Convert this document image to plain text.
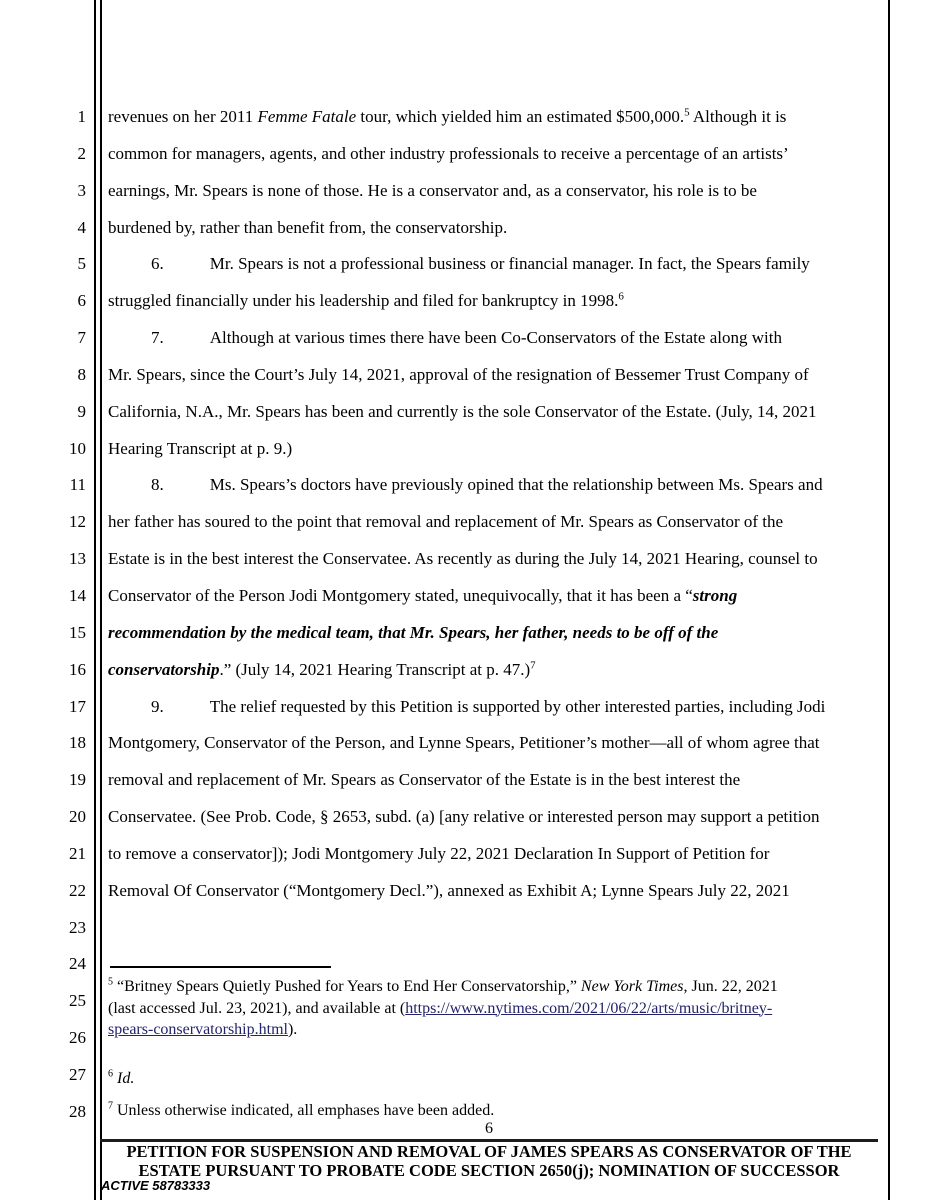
1
2
3
4
5
6
7
8
9
10
11
12
13
14
15
16
17
18
19
20
21
22
23
24
25
26
27
28
revenues on her 2011 Femme Fatale tour, which yielded him an estimated $500,000.$^5$ Although it is
common for managers, agents, and other industry professionals to receive a percentage of an artists’
earnings, Mr. Spears is none of those. He is a conservator and, as a conservator, his role is to be
burdened by, rather than benefit from, the conservatorship.
6.	Mr. Spears is not a professional business or financial manager. In fact, the Spears family
struggled financially under his leadership and filed for bankruptcy in 1998.$^6$
7.	Although at various times there have been Co-Conservators of the Estate along with
Mr. Spears, since the Court’s July 14, 2021, approval of the resignation of Bessemer Trust Company of
California, N.A., Mr. Spears has been and currently is the sole Conservator of the Estate. (July, 14, 2021
Hearing Transcript at p. 9.)
8.	Ms. Spears’s doctors have previously opined that the relationship between Ms. Spears and
her father has soured to the point that removal and replacement of Mr. Spears as Conservator of the
Estate is in the best interest the Conservatee. As recently as during the July 14, 2021 Hearing, counsel to
Conservator of the Person Jodi Montgomery stated, unequivocally, that it has been a “strong
recommendation by the medical team, that Mr. Spears, her father, needs to be off of the
conservatorship.” (July 14, 2021 Hearing Transcript at p. 47.)$^7$
9.	The relief requested by this Petition is supported by other interested parties, including Jodi
Montgomery, Conservator of the Person, and Lynne Spears, Petitioner’s mother—all of whom agree that
removal and replacement of Mr. Spears as Conservator of the Estate is in the best interest the
Conservatee. (See Prob. Code, § 2653, subd. (a) [any relative or interested person may support a petition
to remove a conservator]); Jodi Montgomery July 22, 2021 Declaration In Support of Petition for
Removal Of Conservator (“Montgomery Decl.”), annexed as Exhibit A; Lynne Spears July 22, 2021
$^5$ “Britney Spears Quietly Pushed for Years to End Her Conservatorship,” New York Times, Jun. 22, 2021
(last accessed Jul. 23, 2021), and available at (https://www.nytimes.com/2021/06/22/arts/music/britney-
spears-conservatorship.html).
$^6$ Id.
$^7$ Unless otherwise indicated, all emphases have been added.
6
PETITION FOR SUSPENSION AND REMOVAL OF JAMES SPEARS AS CONSERVATOR OF THE
ESTATE PURSUANT TO PROBATE CODE SECTION 2650(j); NOMINATION OF SUCCESSOR
ACTIVE 58783333
